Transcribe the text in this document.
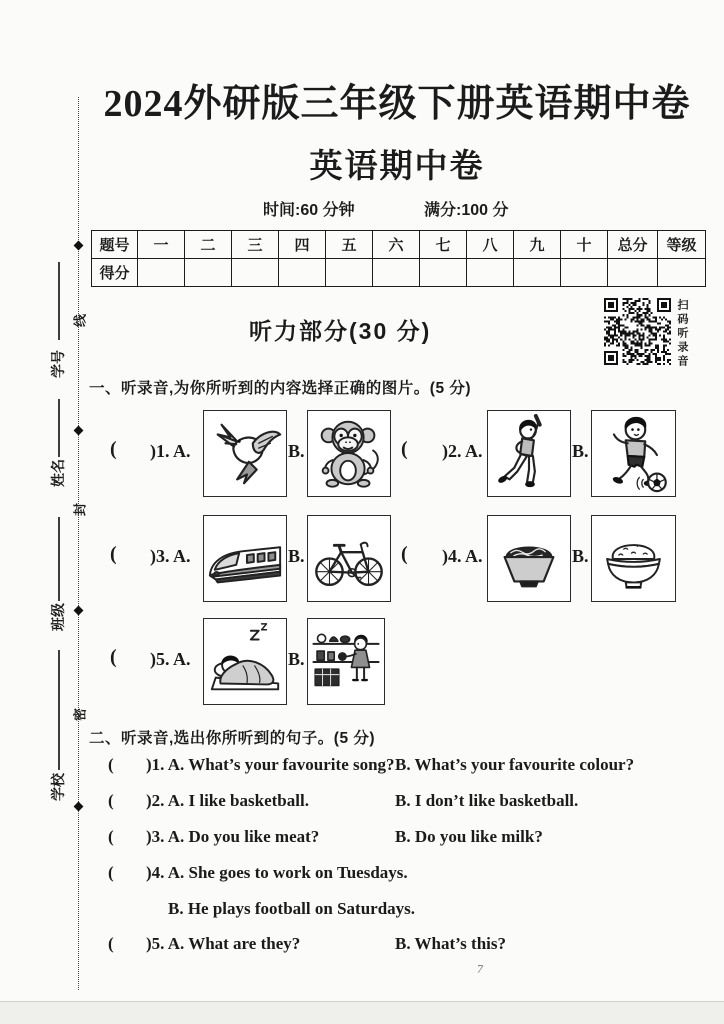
线
封
密
学号
姓名
班级
学校
2024外研版三年级下册英语期中卷
英语期中卷
时间:60 分钟	满分:100 分
题号	一	二	三	四	五	六	七	八	九	十	总分	等级
得分												
听力部分(30 分)	扫码听录音
一、听录音,为你所听到的内容选择正确的图片。(5 分)
( )1. A.	B.	( )2. A.	B.
( )3. A.	B.	( )4. A.	B.
( )5. A.	B.
二、听录音,选出你所听到的句子。(5 分)
( )1. A. What’s your favourite song? B. What’s your favourite colour?
( )2. A. I like basketball.	B. I don’t like basketball.
( )3. A. Do you like meat?	B. Do you like milk?
( )4. A. She goes to work on Tuesdays.
B. He plays football on Saturdays.
( )5. A. What are they?	B. What’s this?
7
